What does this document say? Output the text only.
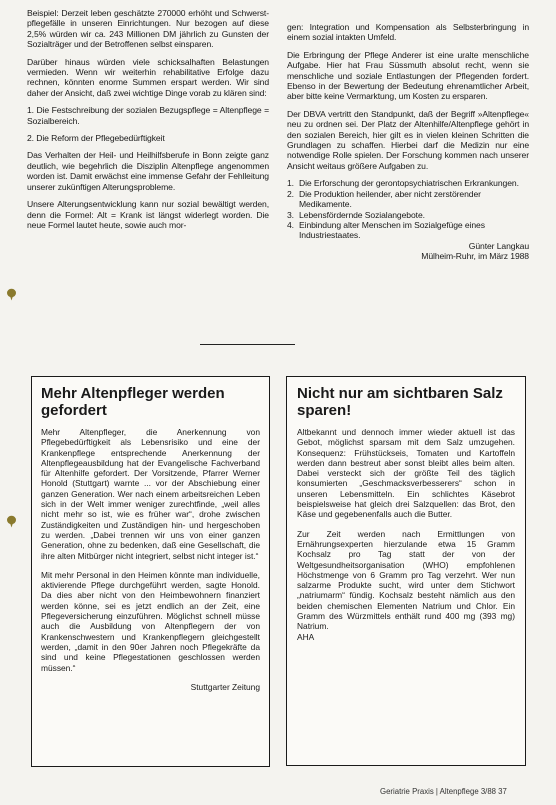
Beispiel: Derzeit leben geschätzte 270000 erhöht und Schwerst-pflegefälle in unseren Einrichtungen. Nur bezogen auf diese 2,5% würden wir ca. 243 Millionen DM jährlich zu Gunsten der Sozialträger und der Betroffenen selbst einsparen.

Darüber hinaus würden viele schicksalhaften Belastungen vermieden. Wenn wir weiterhin rehabilitative Erfolge dazu rechnen, könnten enorme Summen erspart werden. Wir sind daher der Ansicht, daß zwei wichtige Dinge vorab zu klären sind:

1. Die Festschreibung der sozialen Bezugspflege = Altenpflege = Sozialbereich.

2. Die Reform der Pflegebedürftigkeit

Das Verhalten der Heil- und Heilhilfsberufe in Bonn zeigte ganz deutlich, wie begehrlich die Disziplin Altenpflege angenommen worden ist. Damit erwächst eine immense Gefahr der Fehlleitung unserer zukünftigen Alterungsprobleme.

Unsere Alterungsentwicklung kann nur sozial bewältigt werden, denn die Formel: Alt = Krank ist längst widerlegt worden. Die neue Formel lautet heute, sowie auch mor-

gen: Integration und Kompensation als Selbsterbringung in einem sozial intakten Umfeld.

Die Erbringung der Pflege Anderer ist eine uralte menschliche Aufgabe. Hier hat Frau Süssmuth absolut recht, wenn sie menschliche und soziale Entlastungen der Pflegenden fordert. Ebenso in der Bewertung der Bedeutung ehrenamtlicher Arbeit, aber bitte keine Vermarktung, um Kosten zu ersparen.

Der DBVA vertritt den Standpunkt, daß der Begriff »Altenpflege« neu zu ordnen sei. Der Platz der Altenhilfe/Altenpflege gehört in den sozialen Bereich, hier gilt es in vielen kleinen Schritten die Grundlagen zu schaffen. Hierbei darf die Medizin nur eine notwendige Rolle spielen. Der Forschung kommen nach unserer Ansicht weitaus größere Aufgaben zu.

1. Die Erforschung der gerontopsychiatrischen Erkrankungen.
2. Die Produktion heilender, aber nicht zerstörender Medikamente.
3. Lebensfördernde Sozialangebote.
4. Einbindung alter Menschen im Sozialgefüge eines Industriestaates.
Günter Langkau
Mülheim-Ruhr, im März 1988
Mehr Altenpfleger werden gefordert

Mehr Altenpfleger, die Anerkennung von Pflegebedürftigkeit als Lebensrisiko und eine der Krankenpflege entsprechende Anerkennung der Altenpflegeausbildung hat der Evangelische Fachverband für Altenhilfe gefordert. Der Vorsitzende, Pfarrer Werner Honold (Stuttgart) warnte ... vor der Abschiebung einer ganzen Generation. Wer nach einem arbeitsreichen Leben sich in der Welt immer weniger zurechtfinde, „weil alles nicht mehr so ist, wie es früher war“, drohe zwischen Zuständigkeiten und Zuständigen hin- und hergeschoben zu werden. „Dabei trennen wir uns von einer ganzen Generation, ohne zu bedenken, daß eine Gesellschaft, die ihre alten Mitbürger nicht integriert, selbst nicht integer ist.“

Mit mehr Personal in den Heimen könnte man individuelle, aktivierende Pflege durchgeführt werden, sagte Honold. Da dies aber nicht von den Heimbewohnern finanziert werden könne, sei es jetzt endlich an der Zeit, eine Pflegeversicherung einzuführen. Möglichst schnell müsse auch die Ausbildung von Altenpflegern der von Krankenschwestern und Krankenpflegern gleichgestellt werden, „damit in den 90er Jahren noch Pflegekräfte da sind und keine Pflegestationen geschlossen werden müssen.“

Stuttgarter Zeitung

Nicht nur am sichtbaren Salz sparen!

Altbekannt und dennoch immer wieder aktuell ist das Gebot, möglichst sparsam mit dem Salz umzugehen. Konsequenz: Frühstückseis, Tomaten und Kartoffeln werden dann bestreut aber sonst bleibt alles beim alten. Dabei versteckt sich der größte Teil des täglich konsumierten „Geschmacksverbesserers“ schon in unseren Lebensmitteln. Ein schlichtes Käsebrot beispielsweise hat gleich drei Salzquellen: das Brot, den Käse und gegebenenfalls auch die Butter.

Zur Zeit werden nach Ermittlungen von Ernährungsexperten hierzulande etwa 15 Gramm Kochsalz pro Tag statt der von der Weltgesundheitsorganisation (WHO) empfohlenen Höchstmenge von 6 Gramm pro Tag verzehrt. Wer nun salzarme Produkte sucht, wird unter dem Stichwort „natriumarm“ fündig. Kochsalz besteht nämlich aus den beiden chemischen Elementen Natrium und Chlor. Ein Gramm des Würzmittels enthält rund 400 mg (393 mg) Natrium.

AHA

Geriatrie Praxis | Altenpflege 3/88 37
